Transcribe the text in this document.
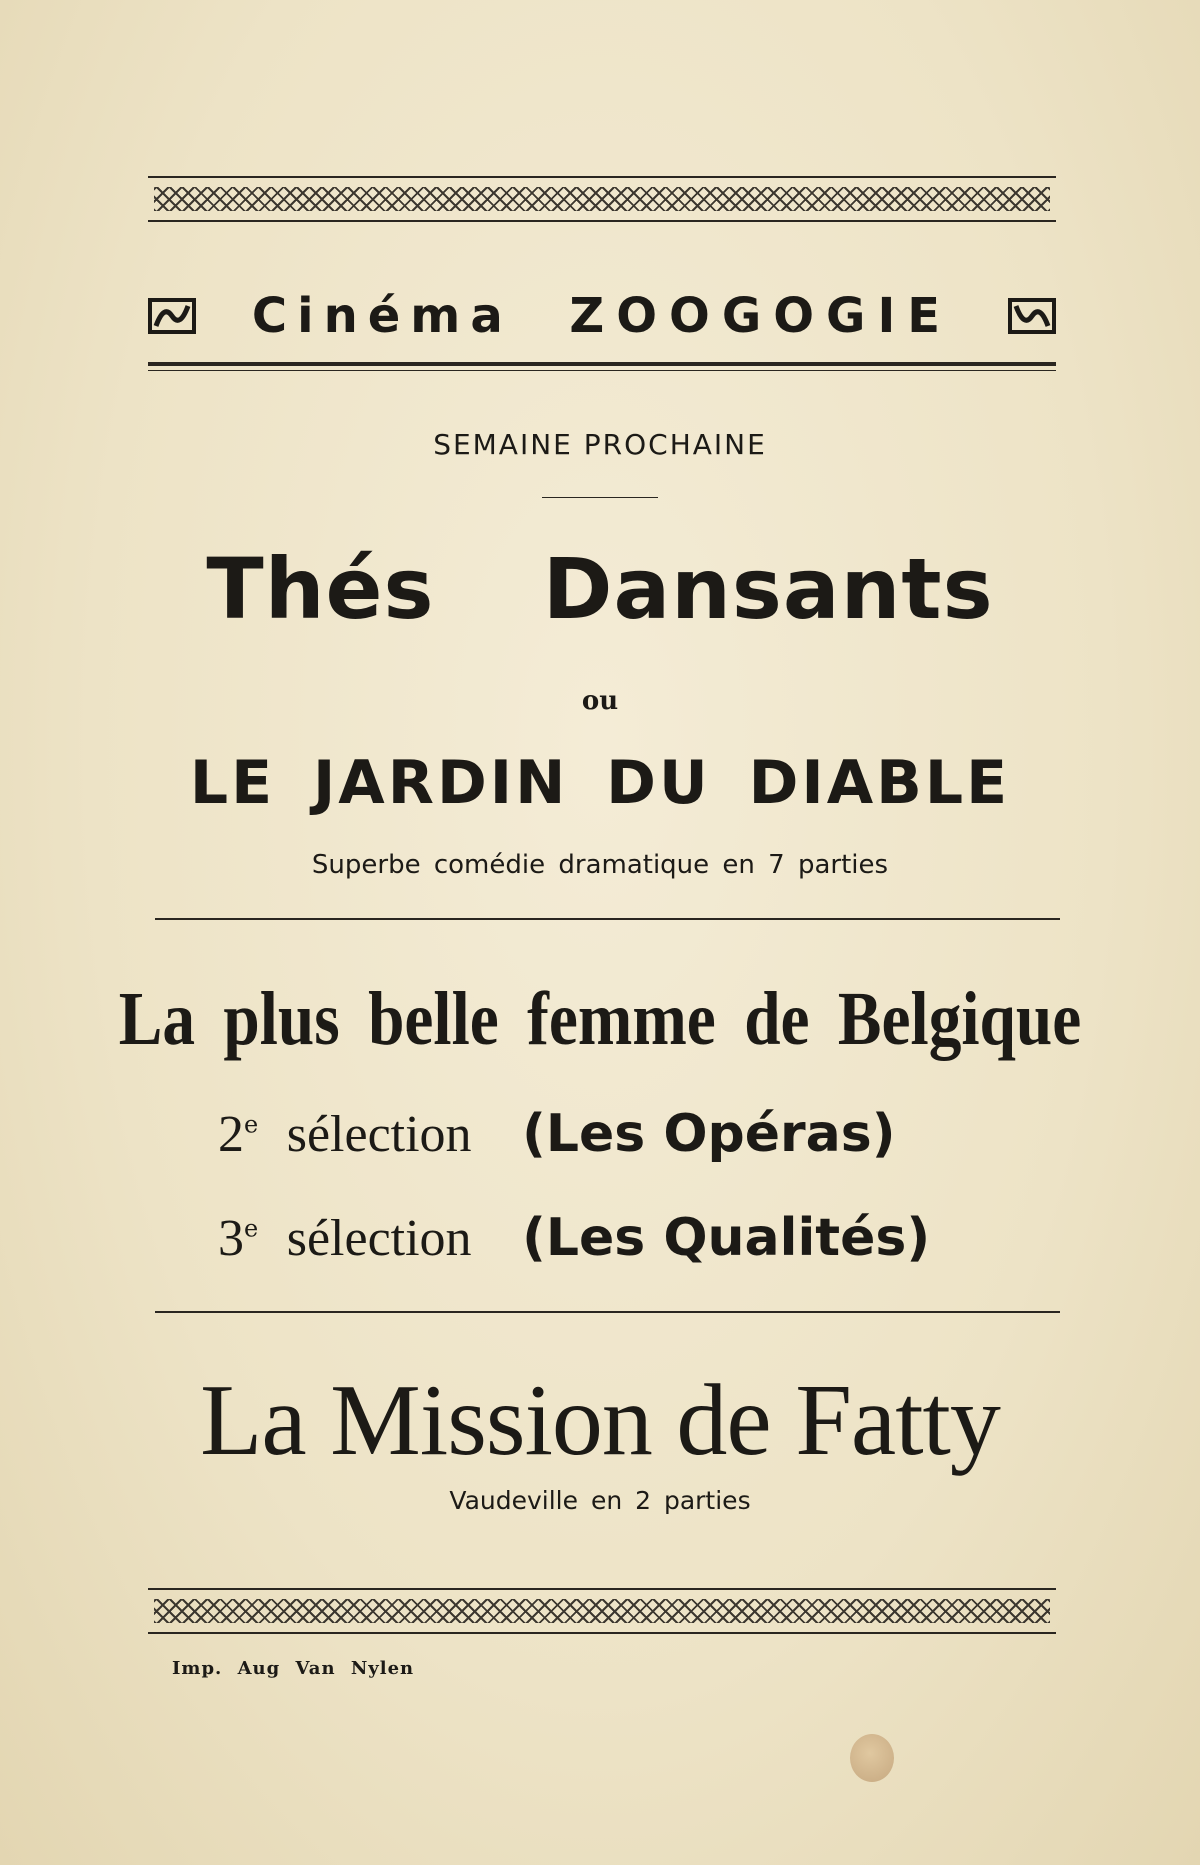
Cinéma ZOOGOGIE
SEMAINE PROCHAINE
Thés Dansants
ou
LE JARDIN DU DIABLE
Superbe comédie dramatique en 7 parties
La plus belle femme de Belgique
2e sélection (Les Opéras)
3e sélection (Les Qualités)
La Mission de Fatty
Vaudeville en 2 parties
Imp. Aug Van Nylen
